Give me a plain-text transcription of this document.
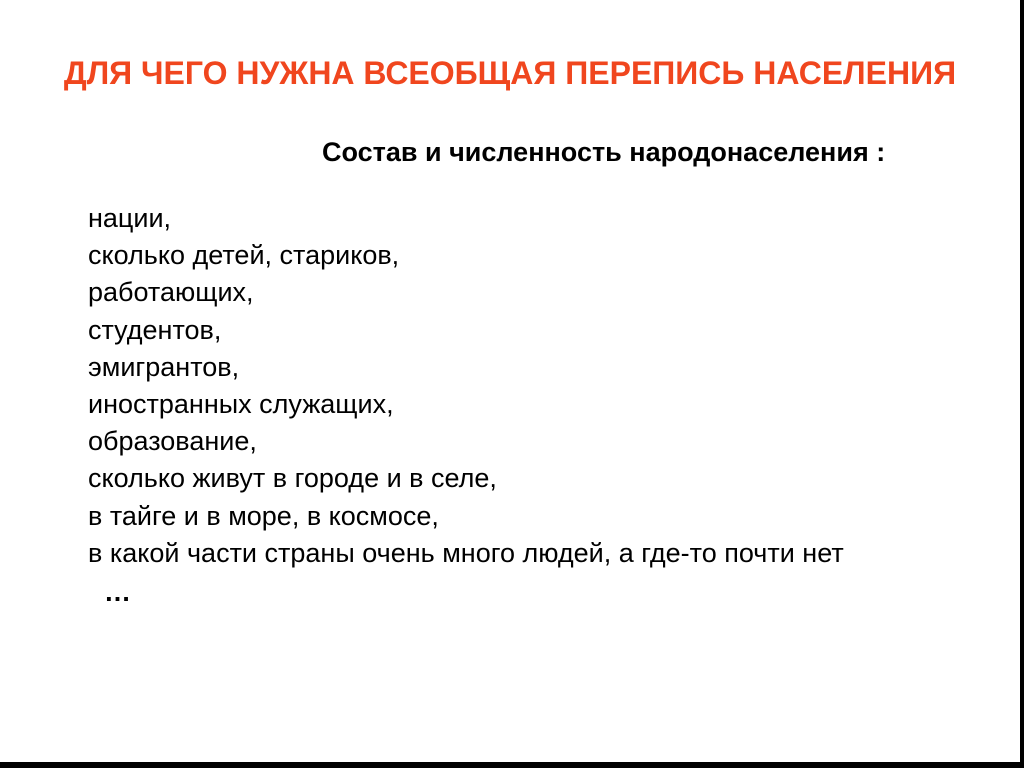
ДЛЯ ЧЕГО НУЖНА ВСЕОБЩАЯ ПЕРЕПИСЬ НАСЕЛЕНИЯ
Состав и численность народонаселения :
нации,
сколько детей, стариков,
работающих,
студентов,
эмигрантов,
иностранных служащих,
образование,
сколько живут в городе и в селе,
в тайге и в море, в космосе,
в какой части страны очень много людей, а где-то почти нет
…
